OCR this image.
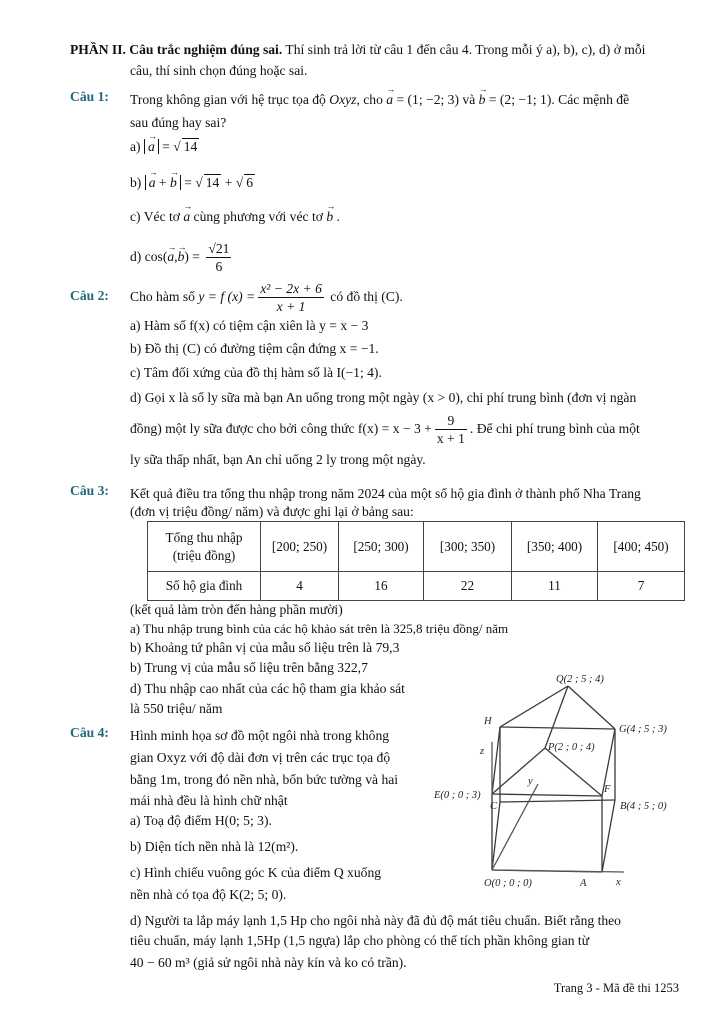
PHẦN II. Câu trắc nghiệm đúng sai. Thí sinh trả lời từ câu 1 đến câu 4. Trong mỗi ý a), b), c), d) ở mỗi
câu, thí sinh chọn đúng hoặc sai.
Câu 1: Trong không gian với hệ trục tọa độ Oxyz, cho → a = (1; −2; 3) và → b = (2; −1; 1). Các mệnh đề
sau đúng hay sai?
a) → a = √ 14
b) → a + → b = √ 14 + √ 6
c) Véc tơ → a cùng phương với véc tơ → b .
d) $\cos(\to a,\to b) = \frac{√21}{6}$
Câu 2: Cho hàm số y = f $(x) = \frac{\text{x² − 2x + 6}}{x + 1}$ có đồ thị (C).
a) Hàm số f(x) có tiệm cận xiên là y = x − 3
b) Đồ thị (C) có đường tiệm cận đứng x = −1.
c) Tâm đối xứng của đồ thị hàm số là I(−1; 4).
d) Gọi x là số ly sữa mà bạn An uống trong một ngày (x > 0), chi phí trung bình (đơn vị ngàn
đồng) một ly sữa được cho bởi công thức $f(x) = x - 3 + \frac{9}{x + 1}$ . Để chi phí trung bình của một
ly sữa thấp nhất, bạn An chỉ uống 2 ly trong một ngày.
Câu 3: Kết quả điều tra tổng thu nhập trong năm 2024 của một số hộ gia đình ở thành phố Nha Trang
(đơn vị triệu đồng/ năm) và được ghi lại ở bảng sau:
Tổng thu nhập
(triệu đồng)	[200; 250)	[250; 300)	[300; 350)	[350; 400)	[400; 450)
Số hộ gia đình	4	16	22	11	7
(kết quả làm tròn đến hàng phần mười)
a) Thu nhập trung bình của các hộ khảo sát trên là 325,8 triệu đồng/ năm
b) Khoảng tứ phân vị của mẫu số liệu trên là 79,3
b) Trung vị của mẫu số liệu trên bằng 322,7
d) Thu nhập cao nhất của các hộ tham gia khảo sát
là 550 triệu/ năm
Câu 4: Hình minh họa sơ đồ một ngôi nhà trong không
gian Oxyz với độ dài đơn vị trên các trục tọa độ
bằng 1m, trong đó nền nhà, bốn bức tường và hai
mái nhà đều là hình chữ nhật
a) Toạ độ điểm H(0; 5; 3).
b) Diện tích nền nhà là 12(m²).
c) Hình chiếu vuông góc K của điểm Q xuống
nền nhà có tọa độ K(2; 5; 0).
d) Người ta lắp máy lạnh 1,5 Hp cho ngôi nhà này đã đủ độ mát tiêu chuẩn. Biết rằng theo
tiêu chuẩn, máy lạnh 1,5Hp (1,5 ngựa) lắp cho phòng có thể tích phần không gian từ
40 − 60 m³ (giả sử ngôi nhà này kín và ko có trần).
Q(2 ; 5 ; 4)
H
G(4 ; 5 ; 3)
P(2 ; 0 ; 4)
E(0 ; 0 ; 3)
C
F
B(4 ; 5 ; 0)
O(0 ; 0 ; 0)	A	x
y
z
Trang 3 - Mã đề thi 1253
